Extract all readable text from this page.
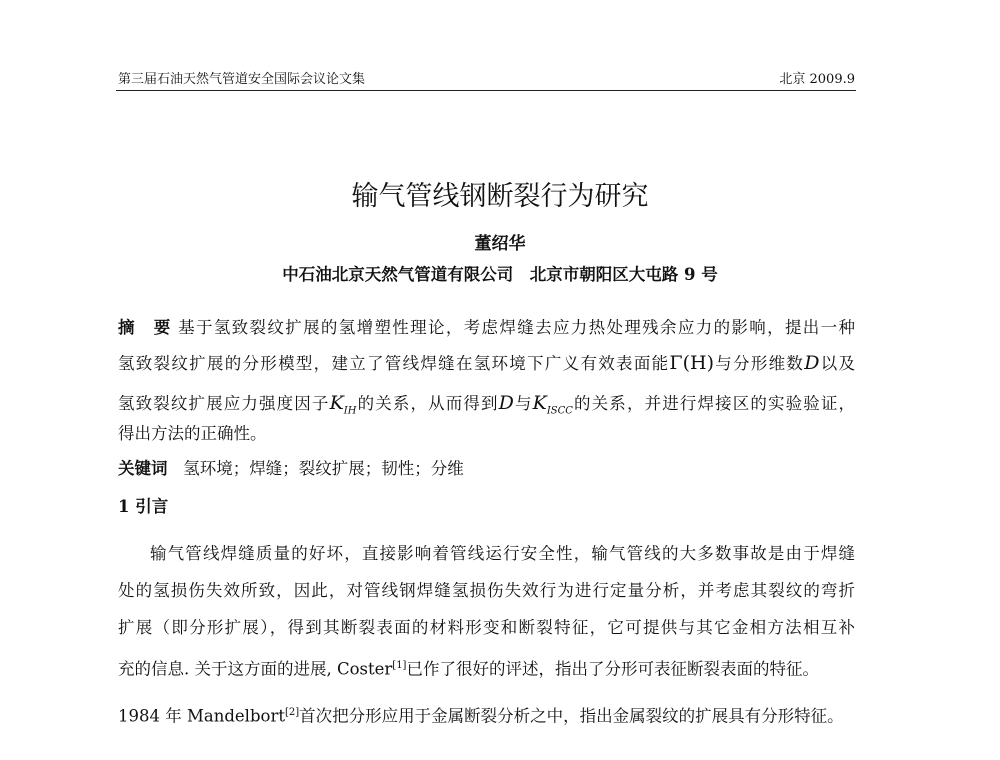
第三届石油天然气管道安全国际会议论文集	北京 2009.9
输气管线钢断裂行为研究
董绍华
中石油北京天然气管道有限公司　北京市朝阳区大屯路 9 号
摘　要 基于氢致裂纹扩展的氢增塑性理论，考虑焊缝去应力热处理残余应力的影响，提出一种
氢致裂纹扩展的分形模型，建立了管线焊缝在氢环境下广义有效表面能Γ(H)与分形维数D以及
氢致裂纹扩展应力强度因子$K_{IH}$的关系，从而得到D与$K_{ISCC}$的关系，并进行焊接区的实验验证，
得出方法的正确性。
关键词 氢环境；焊缝；裂纹扩展；韧性；分维
1 引言
输气管线焊缝质量的好坏，直接影响着管线运行安全性，输气管线的大多数事故是由于焊缝
处的氢损伤失效所致，因此，对管线钢焊缝氢损伤失效行为进行定量分析，并考虑其裂纹的弯折
扩展（即分形扩展），得到其断裂表面的材料形变和断裂特征，它可提供与其它金相方法相互补
充的信息. 关于这方面的进展, Coster[1]已作了很好的评述，指出了分形可表征断裂表面的特征。
1984 年 Mandelbort[2]首次把分形应用于金属断裂分析之中，指出金属裂纹的扩展具有分形特征。
